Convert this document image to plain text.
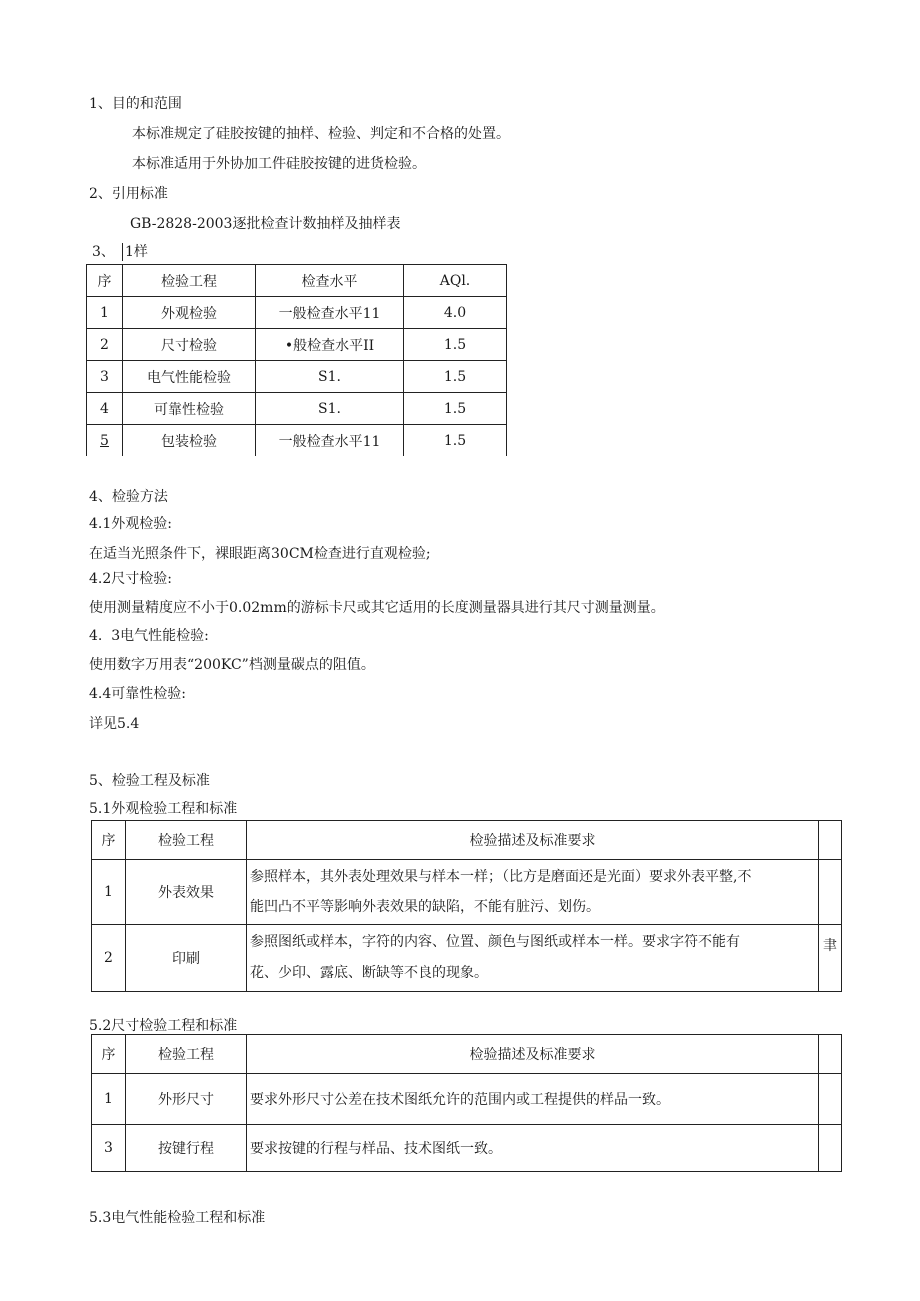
1、目的和范围
本标准规定了硅胶按键的抽样、检验、判定和不合格的处置。
本标准适用于外协加工件硅胶按键的进货检验。
2、引用标准
GB-2828-2003逐批检查计数抽样及抽样表
3、 1样
序	检验工程	检查水平	AQl.
1	外观检验	一般检查水平11	4.0
2	尺寸检验	•般检查水平II	1.5
3	电气性能检验	S1.	1.5
4	可靠性检验	S1.	1.5
5	包装检验	一般检查水平11	1.5
4、检验方法
4.1外观检验:
在适当光照条件下，裸眼距离30CM检查进行直观检验;
4.2尺寸检验:
使用测量精度应不小于0.02mm的游标卡尺或其它适用的长度测量器具进行其尺寸测量测量。
4.  3电气性能检验:
使用数字万用表“200KC”档测量碳点的阻值。
4.4可靠性检验:
详见5.4
5、检验工程及标准
5.1外观检验工程和标准
序	检验工程	检验描述及标准要求	
1	外表效果	参照样本，其外表处理效果与样本一样；（比方是磨面还是光面）要求外表平整,不
能凹凸不平等影响外表效果的缺陷，不能有脏污、划伤。	

2	印刷	参照图纸或样本，字符的内容、位置、颜色与图纸或样本一样。要求字符不能有
花、少印、露底、断缺等不良的现象。	聿
5.2尺寸检验工程和标准
序	检验工程	检验描述及标准要求	
1	外形尺寸	要求外形尺寸公差在技术图纸允许的范围内或工程提供的样品一致。	
3	按键行程	要求按键的行程与样品、技术图纸一致。	
5.3电气性能检验工程和标准
